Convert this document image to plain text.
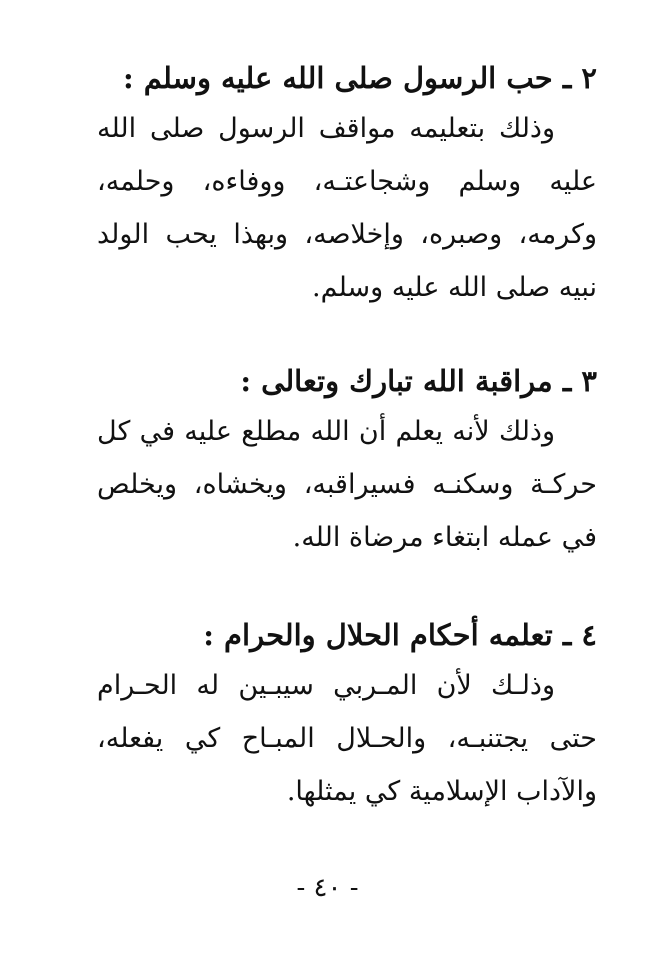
٢ ـ حب الرسول صلى الله عليه وسلم :
وذلك بتعليمه مواقف الرسول صلى الله عليه وسلم وشجاعتـه، ووفاءه، وحلمه، وكرمه، وصبره، وإخلاصه، وبهذا يحب الولد نبيه صلى الله عليه وسلم.
٣ ـ مراقبة الله تبارك وتعالى :
وذلك لأنه يعلم أن الله مطلع عليه في كل حركـة وسكنـه فسيراقبه، ويخشاه، ويخلص في عمله ابتغاء مرضاة الله.
٤ ـ تعلمه أحكام الحلال والحرام :
وذلـك لأن المـربي سيبـين له الحـرام حتى يجتنبـه، والحـلال المبـاح كي يفعله، والآداب الإسلامية كي يمثلها.
- ٤٠ -
